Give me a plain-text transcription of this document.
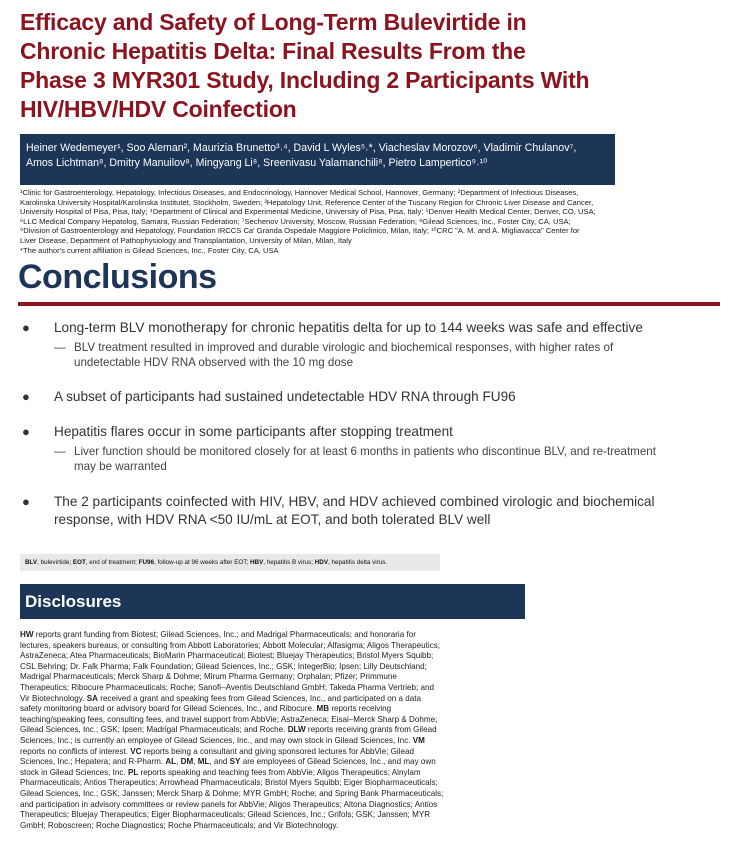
Efficacy and Safety of Long-Term Bulevirtide in
Chronic Hepatitis Delta: Final Results From the
Phase 3 MYR301 Study, Including 2 Participants With
HIV/HBV/HDV Coinfection
Heiner Wedemeyer¹, Soo Aleman², Maurizia Brunetto³˒⁴, David L Wyles⁵˒*, Viacheslav Morozov⁶, Vladimir Chulanov⁷,
Amos Lichtman⁸, Dmitry Manuilov⁸, Mingyang Li⁸, Sreenivasu Yalamanchili⁸, Pietro Lampertico⁹˒¹⁰
¹Clinic for Gastroenterology, Hepatology, Infectious Diseases, and Endocrinology, Hannover Medical School, Hannover, Germany; ²Department of Infectious Diseases,
Karolinska University Hospital/Karolinska Institutet, Stockholm, Sweden; ³Hepatology Unit, Reference Center of the Tuscany Region for Chronic Liver Disease and Cancer,
University Hospital of Pisa, Pisa, Italy; ⁴Department of Clinical and Experimental Medicine, University of Pisa, Pisa, Italy; ⁵Denver Health Medical Center, Denver, CO, USA;
⁶LLC Medical Company Hepatolog, Samara, Russian Federation; ⁷Sechenov University, Moscow, Russian Federation; ⁸Gilead Sciences, Inc., Foster City, CA, USA;
⁹Division of Gastroenterology and Hepatology, Foundation IRCCS Ca' Granda Ospedale Maggiore Policlinico, Milan, Italy; ¹⁰CRC "A. M. and A. Migliavacca" Center for
Liver Disease, Department of Pathophysiology and Transplantation, University of Milan, Milan, Italy
*The author's current affiliation is Gilead Sciences, Inc., Foster City, CA, USA
Conclusions
● Long-term BLV monotherapy for chronic hepatitis delta for up to 144 weeks was safe and effective
— BLV treatment resulted in improved and durable virologic and biochemical responses, with higher rates of
undetectable HDV RNA observed with the 10 mg dose
● A subset of participants had sustained undetectable HDV RNA through FU96
● Hepatitis flares occur in some participants after stopping treatment
— Liver function should be monitored closely for at least 6 months in patients who discontinue BLV, and re-treatment
may be warranted
● The 2 participants coinfected with HIV, HBV, and HDV achieved combined virologic and biochemical
response, with HDV RNA <50 IU/mL at EOT, and both tolerated BLV well
BLV, bulevirtide; EOT, end of treatment; FU96, follow-up at 96 weeks after EOT; HBV, hepatitis B virus; HDV, hepatitis delta virus.
Disclosures
HW reports grant funding from Biotest; Gilead Sciences, Inc.; and Madrigal Pharmaceuticals; and honoraria for
lectures, speakers bureaus, or consulting from Abbott Laboratories; Abbott Molecular; Alfasigma; Aligos Therapeutics;
AstraZeneca; Atea Pharmaceuticals; BioMarin Pharmaceutical; Biotest; Bluejay Therapeutics; Bristol Myers Squibb;
CSL Behring; Dr. Falk Pharma; Falk Foundation; Gilead Sciences, Inc.; GSK; IntegerBio; Ipsen; Lilly Deutschland;
Madrigal Pharmaceuticals; Merck Sharp & Dohme; Mirum Pharma Germany; Orphalan; Pfizer; Primmune
Therapeutics; Ribocure Pharmaceuticals; Roche; Sanofi–Aventis Deutschland GmbH; Takeda Pharma Vertrieb; and
Vir Biotechnology. SA received a grant and speaking fees from Gilead Sciences, Inc., and participated on a data
safety monitoring board or advisory board for Gilead Sciences, Inc., and Ribocure. MB reports receiving
teaching/speaking fees, consulting fees, and travel support from AbbVie; AstraZeneca; Eisai–Merck Sharp & Dohme;
Gilead Sciences, Inc.; GSK; Ipsen; Madrigal Pharmaceuticals; and Roche. DLW reports receiving grants from Gilead
Sciences, Inc.; is currently an employee of Gilead Sciences, Inc., and may own stock in Gilead Sciences, Inc. VM
reports no conflicts of interest. VC reports being a consultant and giving sponsored lectures for AbbVie; Gilead
Sciences, Inc.; Hepatera; and R-Pharm. AL, DM, ML, and SY are employees of Gilead Sciences, Inc., and may own
stock in Gilead Sciences, Inc. PL reports speaking and teaching fees from AbbVie; Aligos Therapeutics; Alnylam
Pharmaceuticals; Antios Therapeutics; Arrowhead Pharmaceuticals; Bristol Myers Squibb; Eiger Biopharmaceuticals;
Gilead Sciences, Inc.; GSK; Janssen; Merck Sharp & Dohme; MYR GmbH; Roche; and Spring Bank Pharmaceuticals;
and participation in advisory committees or review panels for AbbVie; Aligos Therapeutics; Altona Diagnostics; Antios
Therapeutics; Bluejay Therapeutics; Eiger Biopharmaceuticals; Gilead Sciences, Inc.; Grifols; GSK; Janssen; MYR
GmbH; Roboscreen; Roche Diagnostics; Roche Pharmaceuticals; and Vir Biotechnology.
